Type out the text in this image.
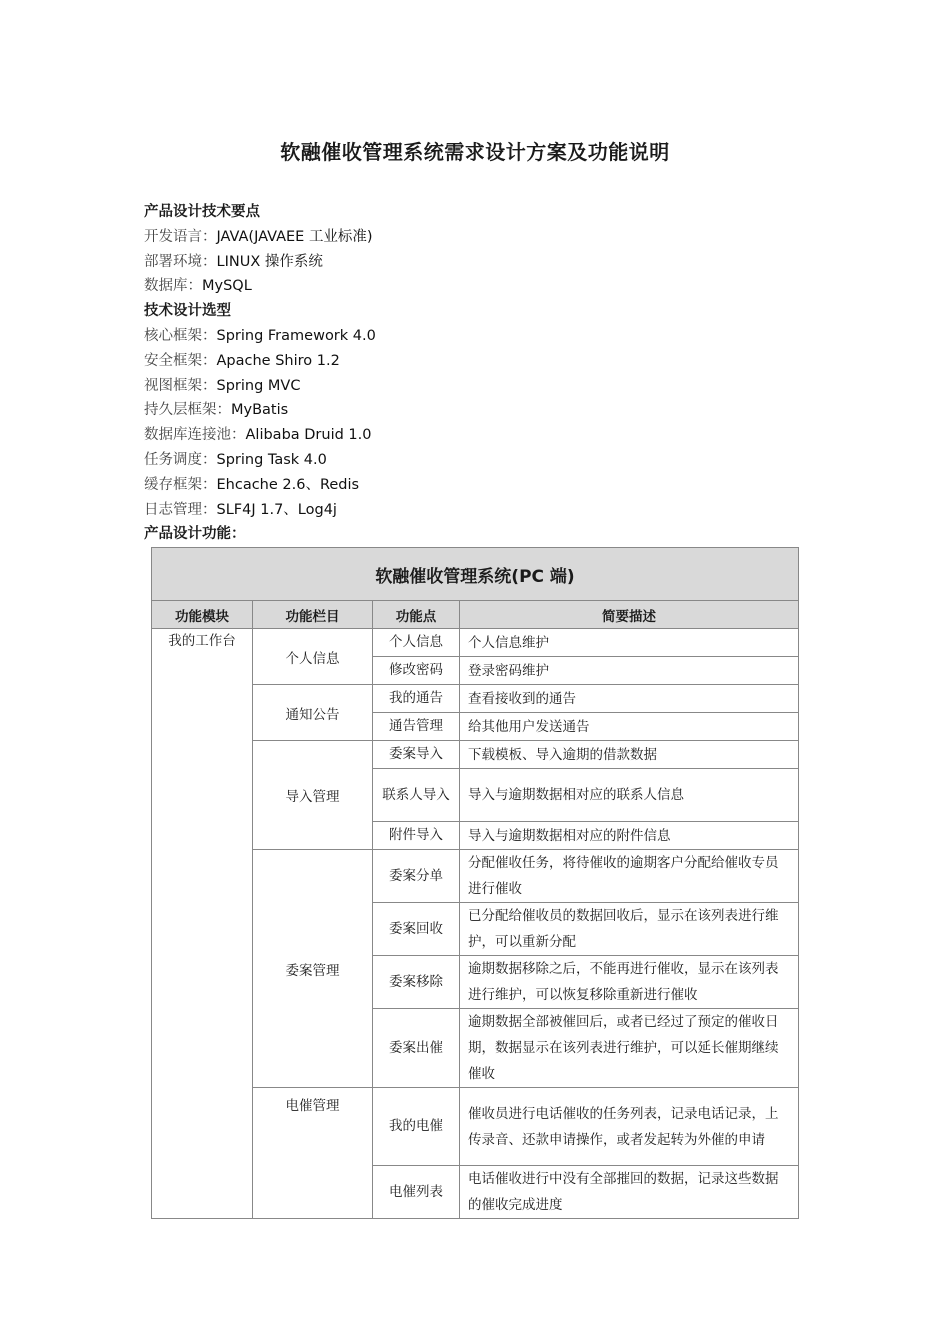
软融催收管理系统需求设计方案及功能说明
产品设计技术要点
开发语言：JAVA(JAVAEE 工业标准)
部署环境：LINUX 操作系统
数据库：MySQL
技术设计选型
核心框架：Spring Framework 4.0
安全框架：Apache Shiro 1.2
视图框架：Spring MVC
持久层框架：MyBatis
数据库连接池：Alibaba Druid 1.0
任务调度：Spring Task 4.0
缓存框架：Ehcache 2.6、Redis
日志管理：SLF4J 1.7、Log4j
产品设计功能：
软融催收管理系统(PC 端)			
功能模块	功能栏目	功能点	简要描述
我的工作台	个人信息	个人信息	个人信息维护
		修改密码	登录密码维护
	通知公告	我的通告	查看接收到的通告
		通告管理	给其他用户发送通告
	导入管理	委案导入	下载模板、导入逾期的借款数据
		联系人导入	导入与逾期数据相对应的联系人信息
		附件导入	导入与逾期数据相对应的附件信息
	委案管理	委案分单	分配催收任务，将待催收的逾期客户分配给催收专员进行催收
		委案回收	已分配给催收员的数据回收后，显示在该列表进行维护，可以重新分配
		委案移除	逾期数据移除之后，不能再进行催收，显示在该列表进行维护，可以恢复移除重新进行催收
		委案出催	逾期数据全部被催回后，或者已经过了预定的催收日期，数据显示在该列表进行维护，可以延长催期继续催收
	电催管理	我的电催	催收员进行电话催收的任务列表，记录电话记录，上传录音、还款申请操作，或者发起转为外催的申请
		电催列表	电话催收进行中没有全部摧回的数据，记录这些数据的催收完成进度
